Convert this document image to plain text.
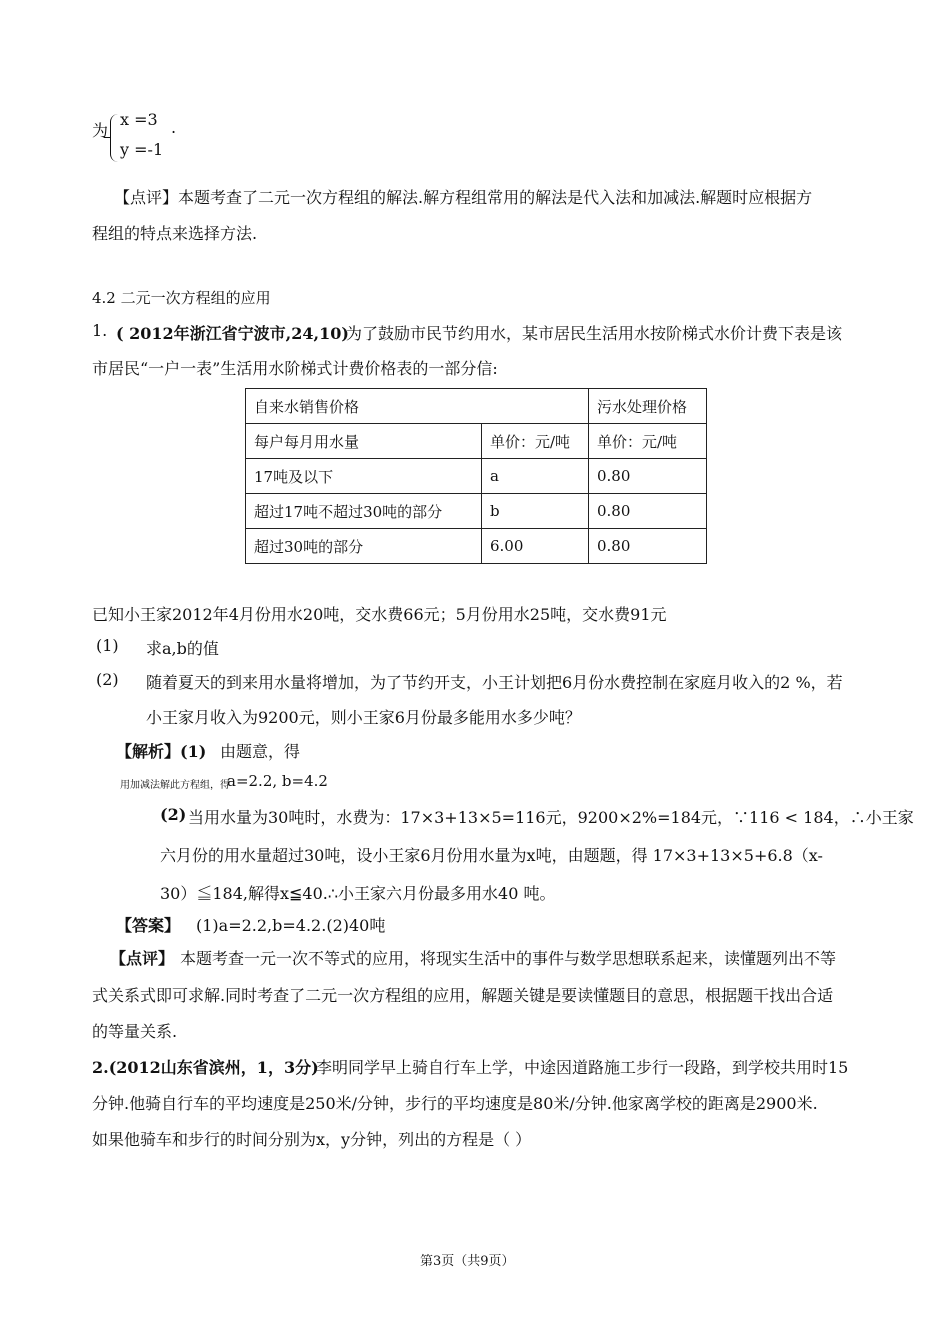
为
x =3 .
y =-1
【点评】本题考查了二元一次方程组的解法.解方程组常用的解法是代入法和加减法.解题时应根据方
程组的特点来选择方法.
4.2 二元一次方程组的应用
1. ( 2012年浙江省宁波市,24,10)
为了鼓励市民节约用水，某市居民生活用水按阶梯式水价计费下表是该
市居民“一户一表”生活用水阶梯式计费价格表的一部分信:
自来水销售价格		污水处理价格
每户每月用水量	单价：元/吨	单价：元/吨
17吨及以下	a	0.80
超过17吨不超过30吨的部分	b	0.80
超过30吨的部分	6.00	0.80
已知小王家2012年4月份用水20吨，交水费66元；5月份用水25吨，交水费91元
(1) 求a,b的值
(2) 随着夏天的到来用水量将增加，为了节约开支，小王计划把6月份水费控制在家庭月收入的2 %，若
小王家月收入为9200元，则小王家6月份最多能用水多少吨？
【解析】(1) 由题意，得
用加减法解此方程组，得
a=2.2, b=4.2
(2) 当用水量为30吨时，水费为：17×3+13×5=116元，9200×2%=184元，∵116 < 184，∴小王家
六月份的用水量超过30吨，设小王家6月份用水量为x吨，由题题，得 17×3+13×5+6.8（x-
30）≦184,解得x≦40.∴小王家六月份最多用水40 吨。
【答案】 (1)a=2.2,b=4.2.(2)40吨
【点评】 本题考查一元一次不等式的应用，将现实生活中的事件与数学思想联系起来，读懂题列出不等
式关系式即可求解.同时考查了二元一次方程组的应用，解题关键是要读懂题目的意思，根据题干找出合适
的等量关系.
2.(2012山东省滨州，1，3分)
李明同学早上骑自行车上学，中途因道路施工步行一段路，到学校共用时15
分钟.他骑自行车的平均速度是250米/分钟，步行的平均速度是80米/分钟.他家离学校的距离是2900米.
如果他骑车和步行的时间分别为x，y分钟，列出的方程是（ ）
第3页（共9页）
